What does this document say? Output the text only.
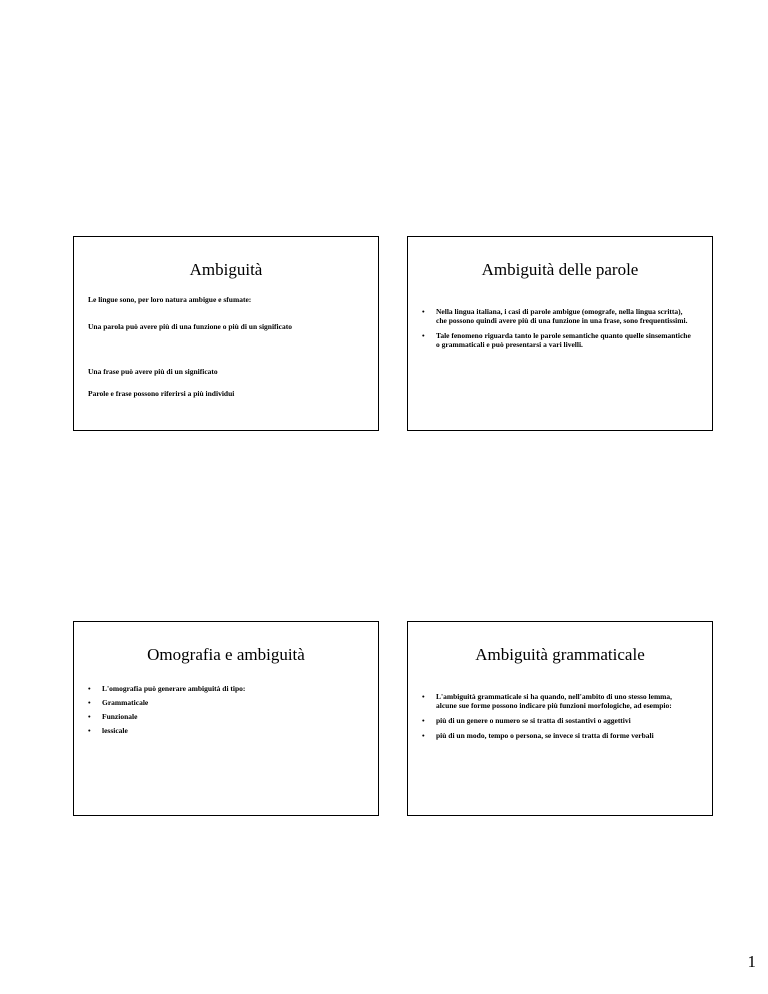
Ambiguità

Le lingue sono, per loro natura ambigue e sfumate:

Una parola può avere più di una funzione o più di un significato

Una frase può avere più di un significato

Parole e frase possono riferirsi a più individui

Ambiguità delle parole
• Nella lingua italiana, i casi di parole ambigue (omografe, nella lingua scritta), che possono quindi avere più di una funzione in una frase, sono frequentissimi.
• Tale fenomeno riguarda tanto le parole semantiche quanto quelle sinsemantiche o grammaticali e può presentarsi a vari livelli.
Omografia e ambiguità
• L'omografia può generare ambiguità di tipo:
• Grammaticale
• Funzionale
• lessicale
Ambiguità grammaticale
• L'ambiguità grammaticale si ha quando, nell'ambito di uno stesso lemma, alcune sue forme possono indicare più funzioni morfologiche, ad esempio:
• più di un genere o numero se si tratta di sostantivi o aggettivi
• più di un modo, tempo o persona, se invece si tratta di forme verbali
1
